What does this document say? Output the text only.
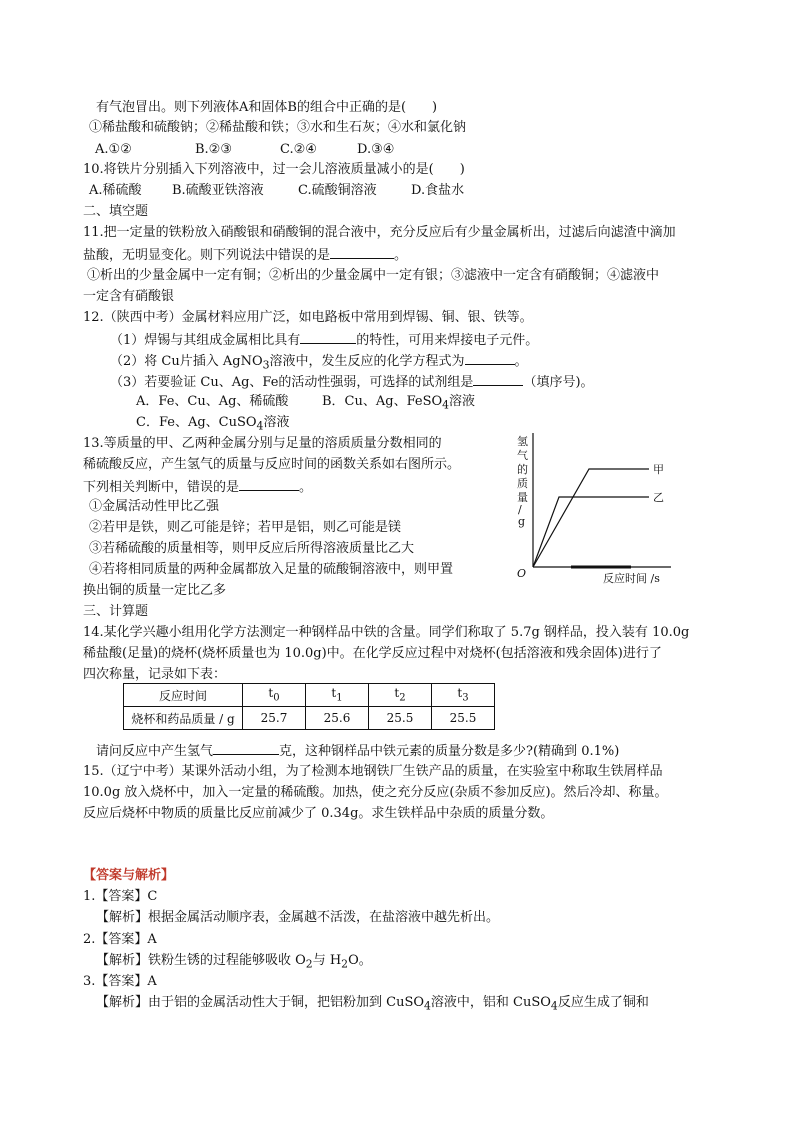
有气泡冒出。则下列液体A和固体B的组合中正确的是(　　)
①稀盐酸和硫酸钠；②稀盐酸和铁；③水和生石灰；④水和氯化钠
A.①②	B.②③	C.②④	D.③④
10.将铁片分别插入下列溶液中，过一会儿溶液质量减小的是(　　)
A.稀硫酸 B.硫酸亚铁溶液	C.硫酸铜溶液	D.食盐水
二、填空题
11.把一定量的铁粉放入硝酸银和硝酸铜的混合液中，充分反应后有少量金属析出，过滤后向滤渣中滴加
盐酸，无明显变化。则下列说法中错误的是	。
①析出的少量金属中一定有铜；②析出的少量金属中一定有银；③滤液中一定含有硝酸铜；④滤液中
一定含有硝酸银
12.（陕西中考）金属材料应用广泛，如电路板中常用到焊锡、铜、银、铁等。
（1）焊锡与其组成金属相比具有	的特性，可用来焊接电子元件。
（2）将 Cu片插入 AgNO$_3$溶液中，发生反应的化学方程式为	。
（3）若要验证 Cu、Ag、Fe的活动性强弱，可选择的试剂组是	（填序号)。
A．Fe、Cu、Ag、稀硫酸	B．Cu、Ag、FeSO$_4$溶液
C．Fe、Ag、CuSO$_4$溶液
13.等质量的甲、乙两种金属分别与足量的溶质质量分数相同的
稀硫酸反应，产生氢气的质量与反应时间的函数关系如右图所示。
下列相关判断中，错误的是	。
①金属活动性甲比乙强
②若甲是铁，则乙可能是锌；若甲是铝，则乙可能是镁
③若稀硫酸的质量相等，则甲反应后所得溶液质量比乙大
④若将相同质量的两种金属都放入足量的硫酸铜溶液中，则甲置
换出铜的质量一定比乙多
氢
气
的
质
量
/
g
甲
乙
O	反应时间 /s
三、计算题
14.某化学兴趣小组用化学方法测定一种钢样品中铁的含量。同学们称取了 5.7g 钢样品，投入装有 10.0g
稀盐酸(足量)的烧杯(烧杯质量也为 10.0g)中。在化学反应过程中对烧杯(包括溶液和残余固体)进行了
四次称量，记录如下表：
反应时间	$t_0$	$t_1$	$t_2$	$t_3$
烧杯和药品质量 / g	25.7	25.6	25.5	25.5
请问反应中产生氢气	克，这种钢样品中铁元素的质量分数是多少?(精确到 0.1%)
15.（辽宁中考）某课外活动小组，为了检测本地钢铁厂生铁产品的质量，在实验室中称取生铁屑样品
10.0g 放入烧杯中，加入一定量的稀硫酸。加热，使之充分反应(杂质不参加反应)。然后冷却、称量。
反应后烧杯中物质的质量比反应前减少了 0.34g。求生铁样品中杂质的质量分数。
【答案与解析】
1.【答案】C
【解析】根据金属活动顺序表，金属越不活泼，在盐溶液中越先析出。
2.【答案】A
【解析】铁粉生锈的过程能够吸收 $O_2$与 $H_2O$。
3.【答案】A
【解析】由于铝的金属活动性大于铜，把铝粉加到 CuSO$_4$溶液中，铝和 CuSO$_4$反应生成了铜和
